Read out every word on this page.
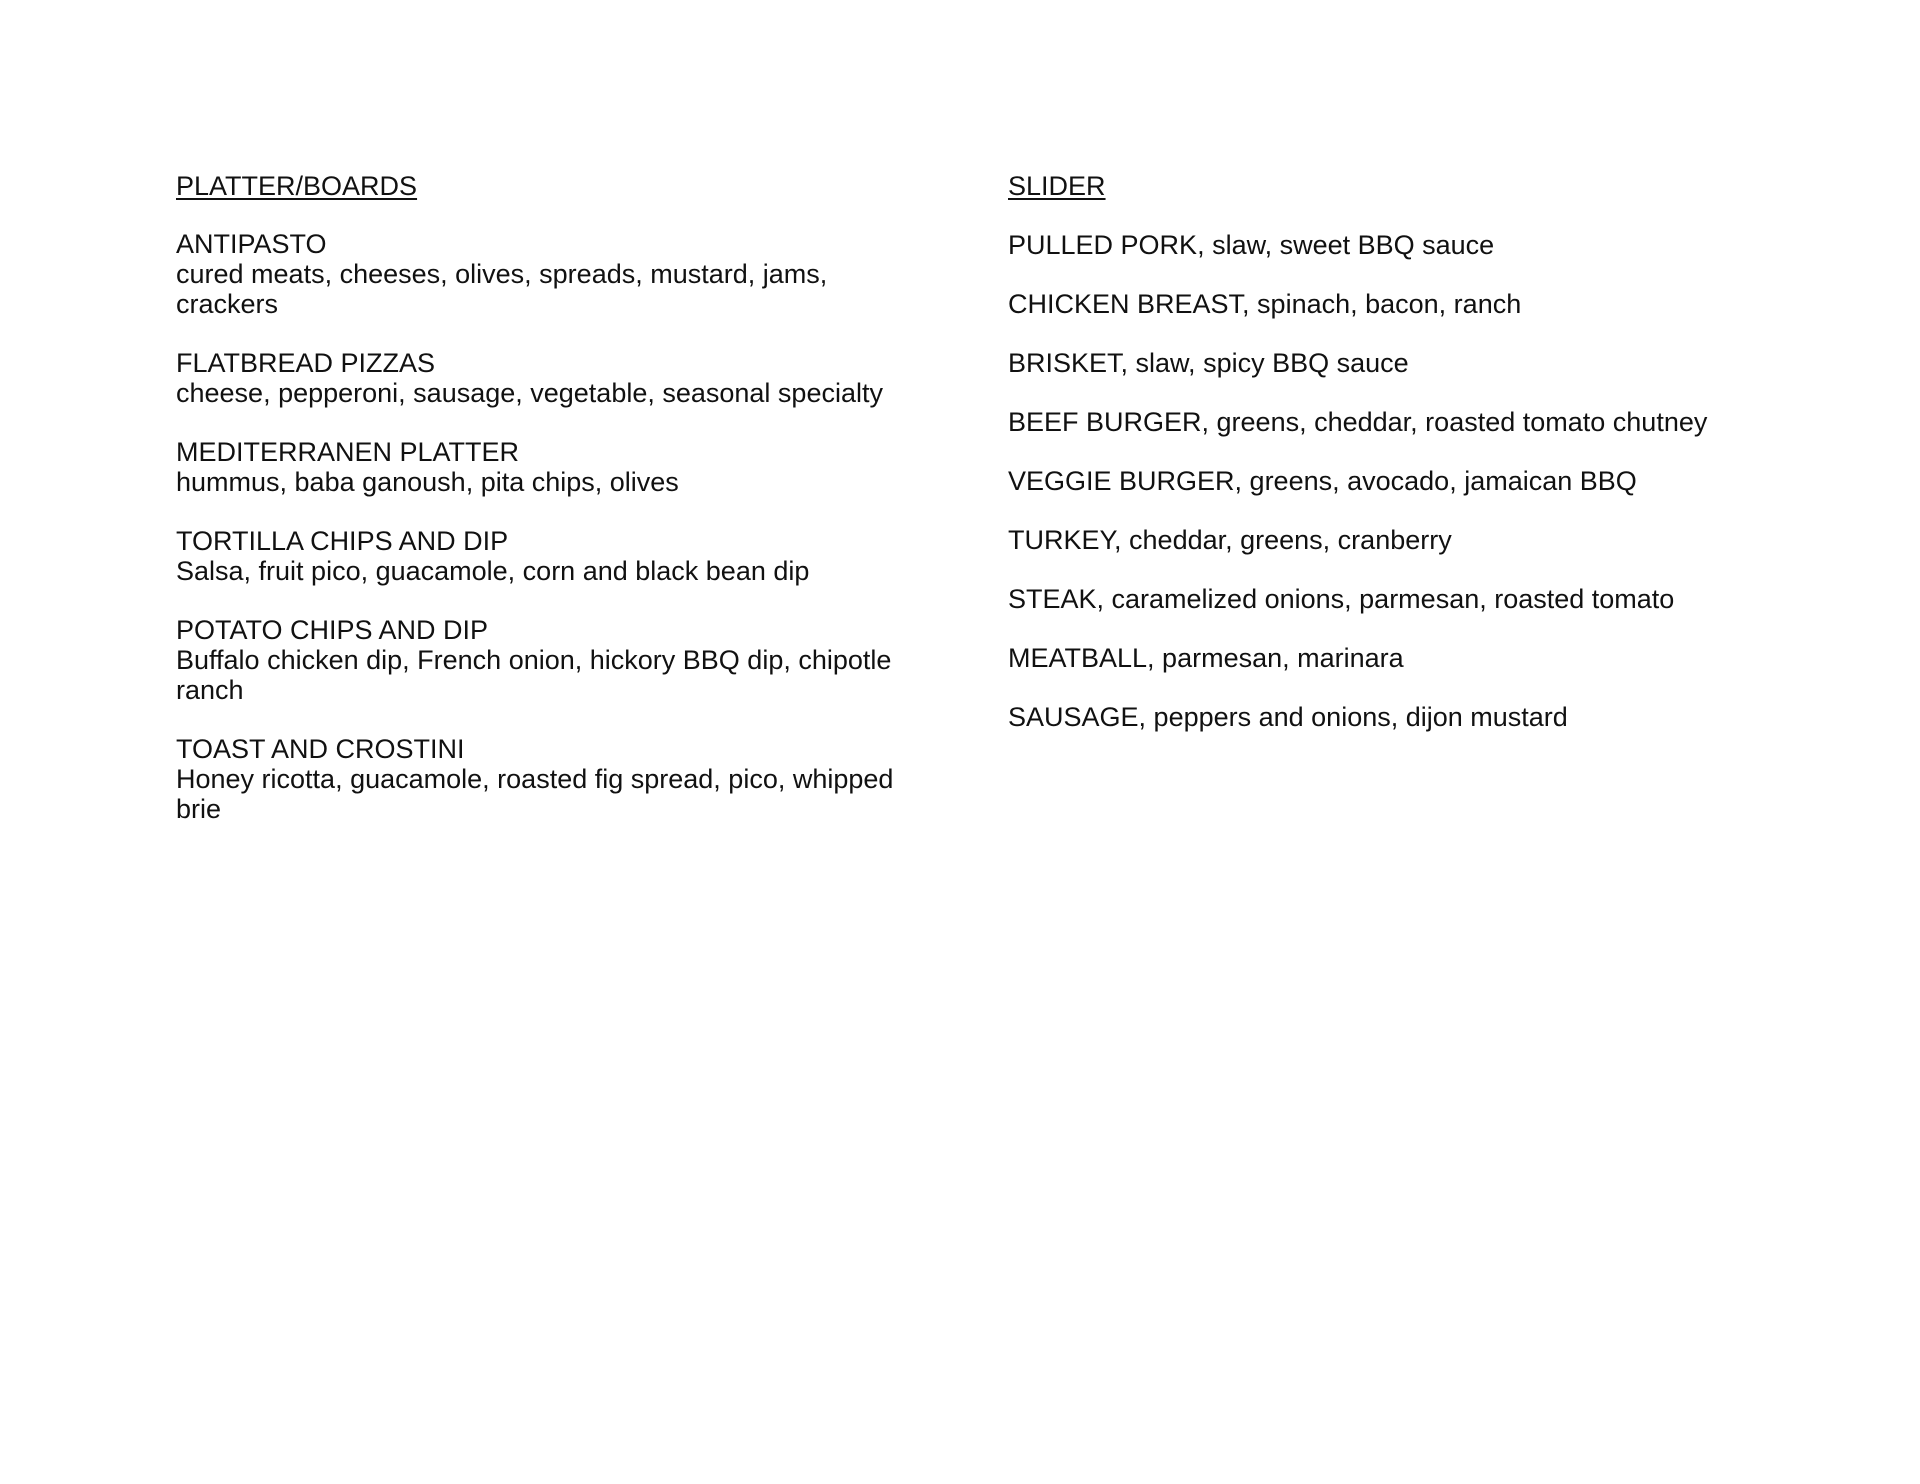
PLATTER/BOARDS
ANTIPASTO
cured meats, cheeses, olives, spreads, mustard, jams, crackers
FLATBREAD PIZZAS
cheese, pepperoni, sausage, vegetable, seasonal specialty
MEDITERRANEN PLATTER
hummus, baba ganoush, pita chips, olives
TORTILLA CHIPS AND DIP
Salsa, fruit pico, guacamole, corn and black bean dip
POTATO CHIPS AND DIP
Buffalo chicken dip, French onion, hickory BBQ dip, chipotle ranch
TOAST AND CROSTINI
Honey ricotta, guacamole, roasted fig spread, pico, whipped brie
SLIDER
PULLED PORK, slaw, sweet BBQ sauce
CHICKEN BREAST, spinach, bacon, ranch
BRISKET, slaw, spicy BBQ sauce
BEEF BURGER, greens, cheddar, roasted tomato chutney
VEGGIE BURGER, greens, avocado, jamaican BBQ
TURKEY, cheddar, greens, cranberry
STEAK, caramelized onions, parmesan, roasted tomato
MEATBALL, parmesan, marinara
SAUSAGE, peppers and onions, dijon mustard
